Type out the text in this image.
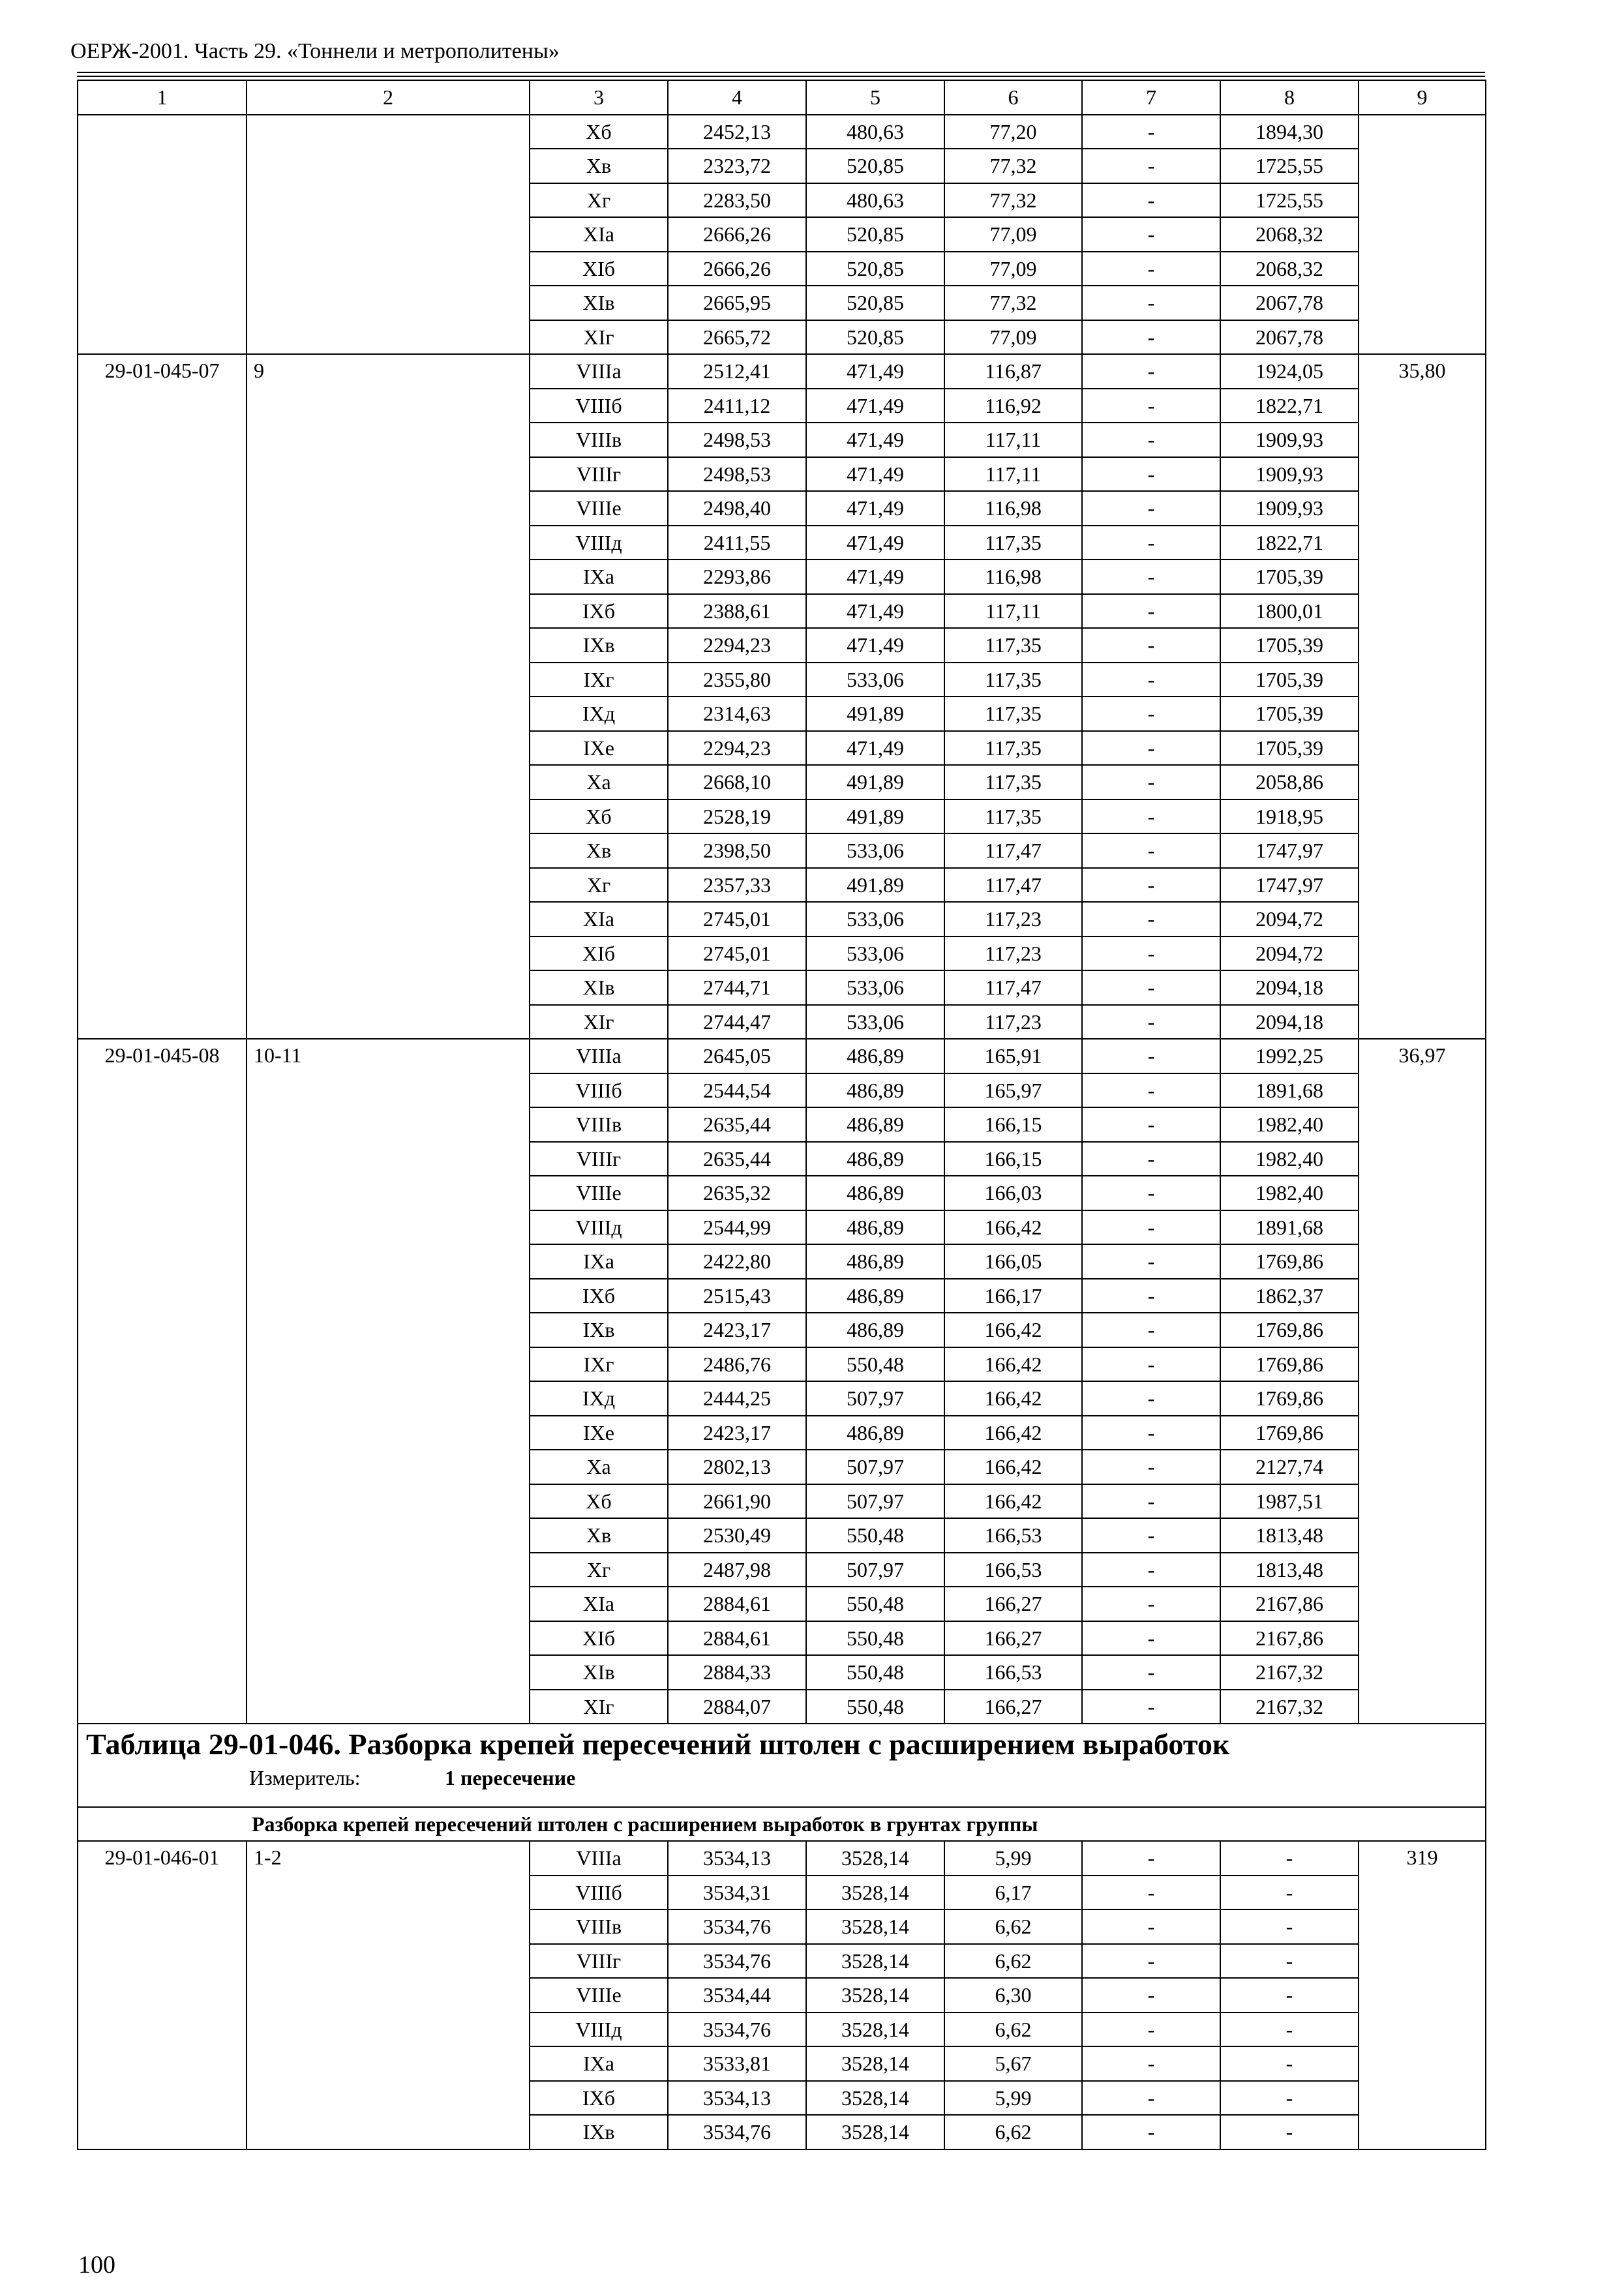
ОЕРЖ-2001. Часть 29. «Тоннели и метрополитены»
1	2	3	4	5	6	7	8	9
		Xб	2452,13	480,63	77,20	-	1894,30	
		Xв	2323,72	520,85	77,32	-	1725,55	
		Xг	2283,50	480,63	77,32	-	1725,55	
		XIа	2666,26	520,85	77,09	-	2068,32	
		XIб	2666,26	520,85	77,09	-	2068,32	
		XIв	2665,95	520,85	77,32	-	2067,78	
		XIг	2665,72	520,85	77,09	-	2067,78	
29-01-045-07	9	VIIIа	2512,41	471,49	116,87	-	1924,05	35,80
		VIIIб	2411,12	471,49	116,92	-	1822,71	
		VIIIв	2498,53	471,49	117,11	-	1909,93	
		VIIIг	2498,53	471,49	117,11	-	1909,93	
		VIIIе	2498,40	471,49	116,98	-	1909,93	
		VIIIд	2411,55	471,49	117,35	-	1822,71	
		IXа	2293,86	471,49	116,98	-	1705,39	
		IXб	2388,61	471,49	117,11	-	1800,01	
		IXв	2294,23	471,49	117,35	-	1705,39	
		IXг	2355,80	533,06	117,35	-	1705,39	
		IXд	2314,63	491,89	117,35	-	1705,39	
		IXе	2294,23	471,49	117,35	-	1705,39	
		Xа	2668,10	491,89	117,35	-	2058,86	
		Xб	2528,19	491,89	117,35	-	1918,95	
		Xв	2398,50	533,06	117,47	-	1747,97	
		Xг	2357,33	491,89	117,47	-	1747,97	
		XIа	2745,01	533,06	117,23	-	2094,72	
		XIб	2745,01	533,06	117,23	-	2094,72	
		XIв	2744,71	533,06	117,47	-	2094,18	
		XIг	2744,47	533,06	117,23	-	2094,18	
29-01-045-08	10-11	VIIIа	2645,05	486,89	165,91	-	1992,25	36,97
		VIIIб	2544,54	486,89	165,97	-	1891,68	
		VIIIв	2635,44	486,89	166,15	-	1982,40	
		VIIIг	2635,44	486,89	166,15	-	1982,40	
		VIIIе	2635,32	486,89	166,03	-	1982,40	
		VIIIд	2544,99	486,89	166,42	-	1891,68	
		IXа	2422,80	486,89	166,05	-	1769,86	
		IXб	2515,43	486,89	166,17	-	1862,37	
		IXв	2423,17	486,89	166,42	-	1769,86	
		IXг	2486,76	550,48	166,42	-	1769,86	
		IXд	2444,25	507,97	166,42	-	1769,86	
		IXе	2423,17	486,89	166,42	-	1769,86	
		Xа	2802,13	507,97	166,42	-	2127,74	
		Xб	2661,90	507,97	166,42	-	1987,51	
		Xв	2530,49	550,48	166,53	-	1813,48	
		Xг	2487,98	507,97	166,53	-	1813,48	
		XIа	2884,61	550,48	166,27	-	2167,86	
		XIб	2884,61	550,48	166,27	-	2167,86	
		XIв	2884,33	550,48	166,53	-	2167,32	
		XIг	2884,07	550,48	166,27	-	2167,32	

Таблица 29-01-046. Разборка крепей пересечений штолен с расширением выработок
Измеритель: 1 пересечение								

Разборка крепей пересечений штолен с расширением выработок в грунтах группы								
29-01-046-01	1-2	VIIIа	3534,13	3528,14	5,99	-	-	319
		VIIIб	3534,31	3528,14	6,17	-	-	
		VIIIв	3534,76	3528,14	6,62	-	-	
		VIIIг	3534,76	3528,14	6,62	-	-	
		VIIIе	3534,44	3528,14	6,30	-	-	
		VIIIд	3534,76	3528,14	6,62	-	-	
		IXа	3533,81	3528,14	5,67	-	-	
		IXб	3534,13	3528,14	5,99	-	-	
		IXв	3534,76	3528,14	6,62	-	-	
100
